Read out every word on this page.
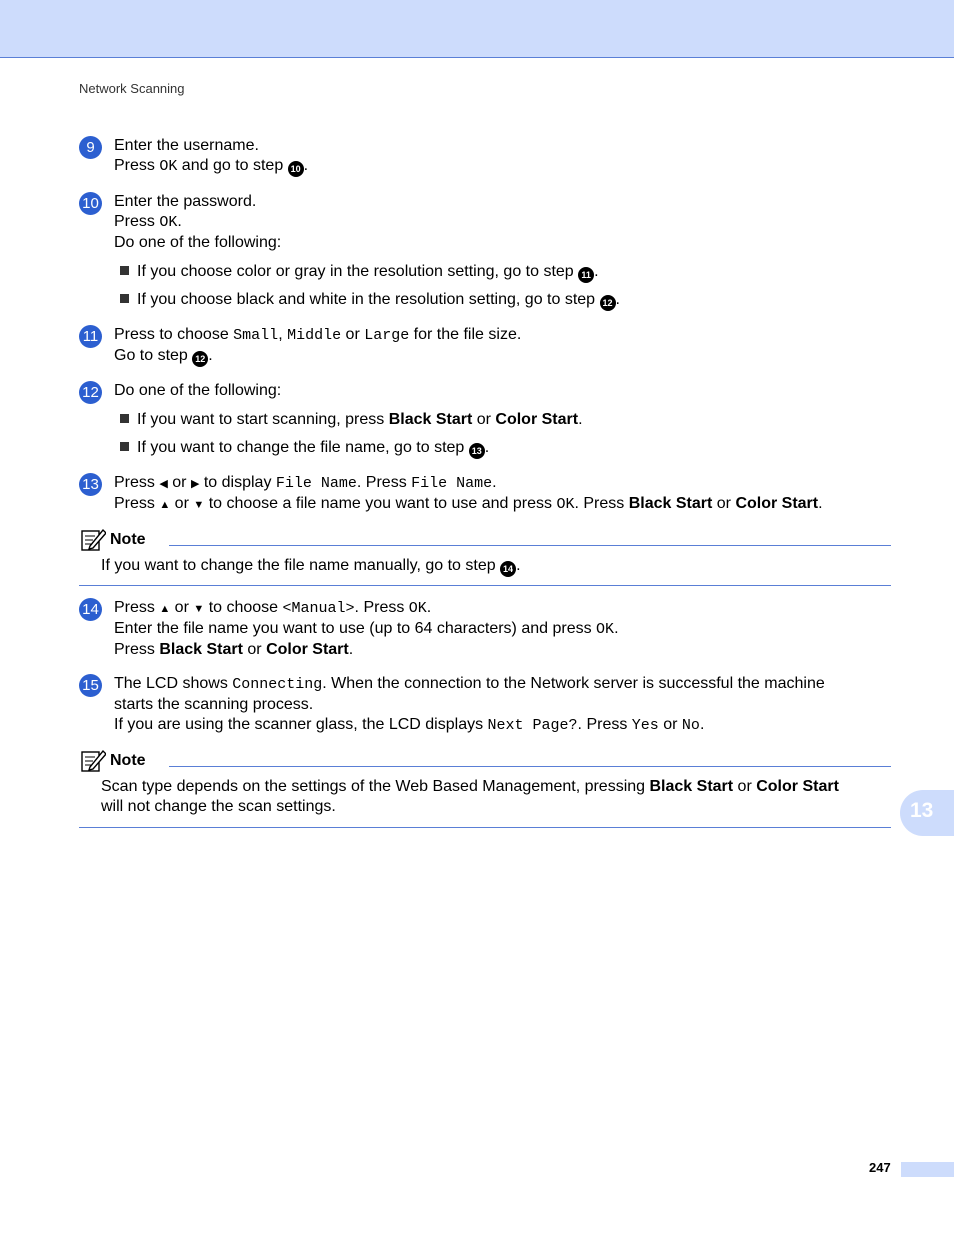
Network Scanning
9	Enter the username.
Press OK and go to step 10 .
10 Enter the password.
Press OK.
Do one of the following:
If you choose color or gray in the resolution setting, go to step 11 .
If you choose black and white in the resolution setting, go to step 12 .
11 Press to choose Small, Middle or Large for the file size.
Go to step 12 .
12 Do one of the following:
If you want to start scanning, press Black Start or Color Start.
If you want to change the file name, go to step 13 .
13 Press ◀ or ▶ to display File Name. Press File Name.
Press ▲ or ▼ to choose a file name you want to use and press OK. Press Black Start or Color Start.
Note
If you want to change the file name manually, go to step 14 .
14 Press ▲ or ▼ to choose <Manual>. Press OK.
Enter the file name you want to use (up to 64 characters) and press OK.
Press Black Start or Color Start.
15 The LCD shows Connecting. When the connection to the Network server is successful the machine
starts the scanning process.
If you are using the scanner glass, the LCD displays Next Page?. Press Yes or No.
Note
Scan type depends on the settings of the Web Based Management, pressing Black Start or Color Start
will not change the scan settings.	13
247
